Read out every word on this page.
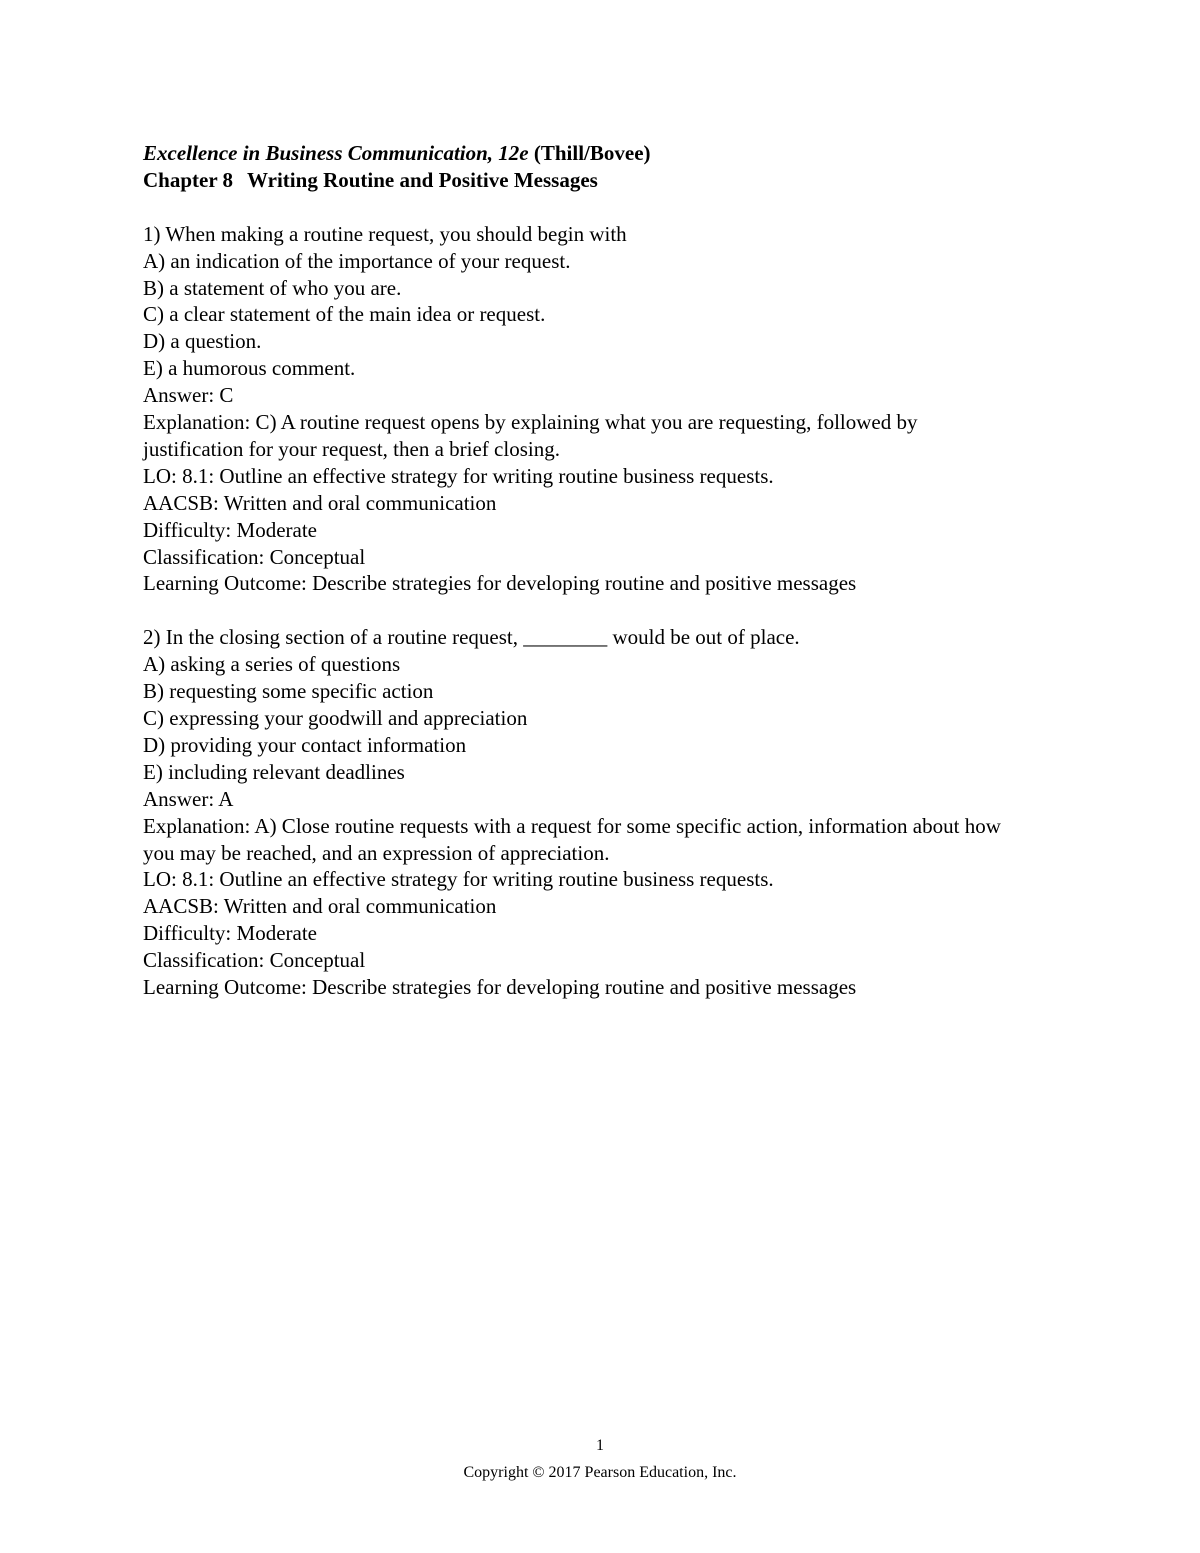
Excellence in Business Communication, 12e (Thill/Bovee)
Chapter 8 Writing Routine and Positive Messages
1) When making a routine request, you should begin with
A) an indication of the importance of your request.
B) a statement of who you are.
C) a clear statement of the main idea or request.
D) a question.
E) a humorous comment.
Answer: C
Explanation: C) A routine request opens by explaining what you are requesting, followed by justification for your request, then a brief closing.
LO: 8.1: Outline an effective strategy for writing routine business requests.
AACSB: Written and oral communication
Difficulty: Moderate
Classification: Conceptual
Learning Outcome: Describe strategies for developing routine and positive messages
2) In the closing section of a routine request, ________ would be out of place.
A) asking a series of questions
B) requesting some specific action
C) expressing your goodwill and appreciation
D) providing your contact information
E) including relevant deadlines
Answer: A
Explanation: A) Close routine requests with a request for some specific action, information about how you may be reached, and an expression of appreciation.
LO: 8.1: Outline an effective strategy for writing routine business requests.
AACSB: Written and oral communication
Difficulty: Moderate
Classification: Conceptual
Learning Outcome: Describe strategies for developing routine and positive messages
1
Copyright © 2017 Pearson Education, Inc.
